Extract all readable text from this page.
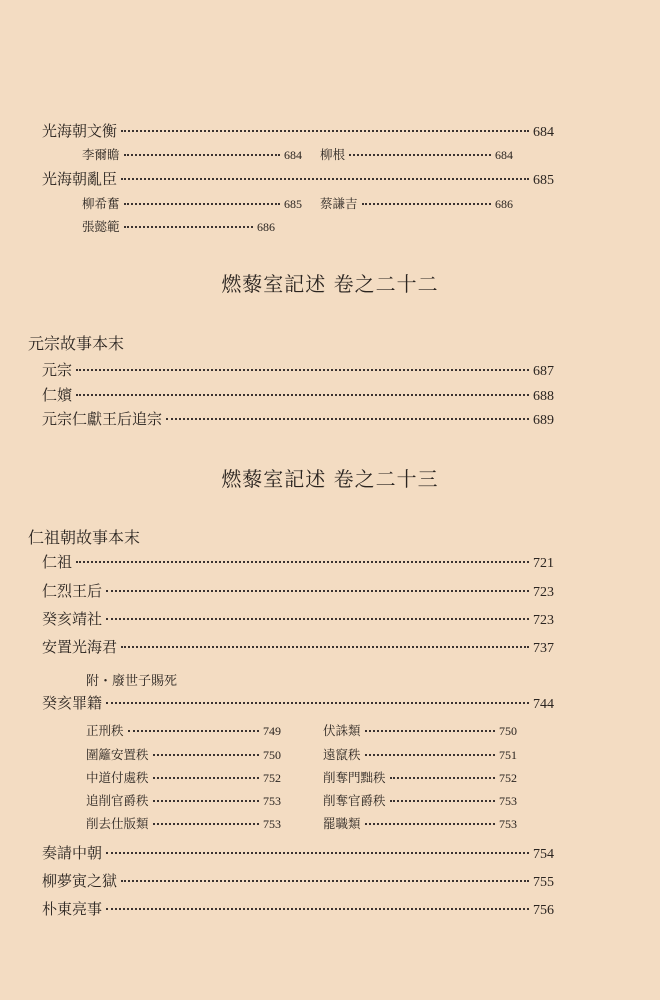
光海朝文衡	684
李爾瞻	684 柳根	684
光海朝亂臣	685
柳希奮	685 蔡謙吉	686
張懿範	686
燃藜室記述 卷之二十二
元宗故事本末
元宗	687
仁嬪	688
元宗仁獻王后追宗	689
燃藜室記述 卷之二十三
仁祖朝故事本末
仁祖	721
仁烈王后	723
癸亥靖社	723
安置光海君	737
附・廢世子賜死
癸亥罪籍	744
正刑秩	749	伏誅類	750
圍籬安置秩	750	遠竄秩	751
中道付處秩	752	削奪門黜秩	752
追削官爵秩	753	削奪官爵秩	753
削去仕版類	753	罷職類	753
奏請中朝	754
柳夢寅之獄	755
朴東亮事	756
